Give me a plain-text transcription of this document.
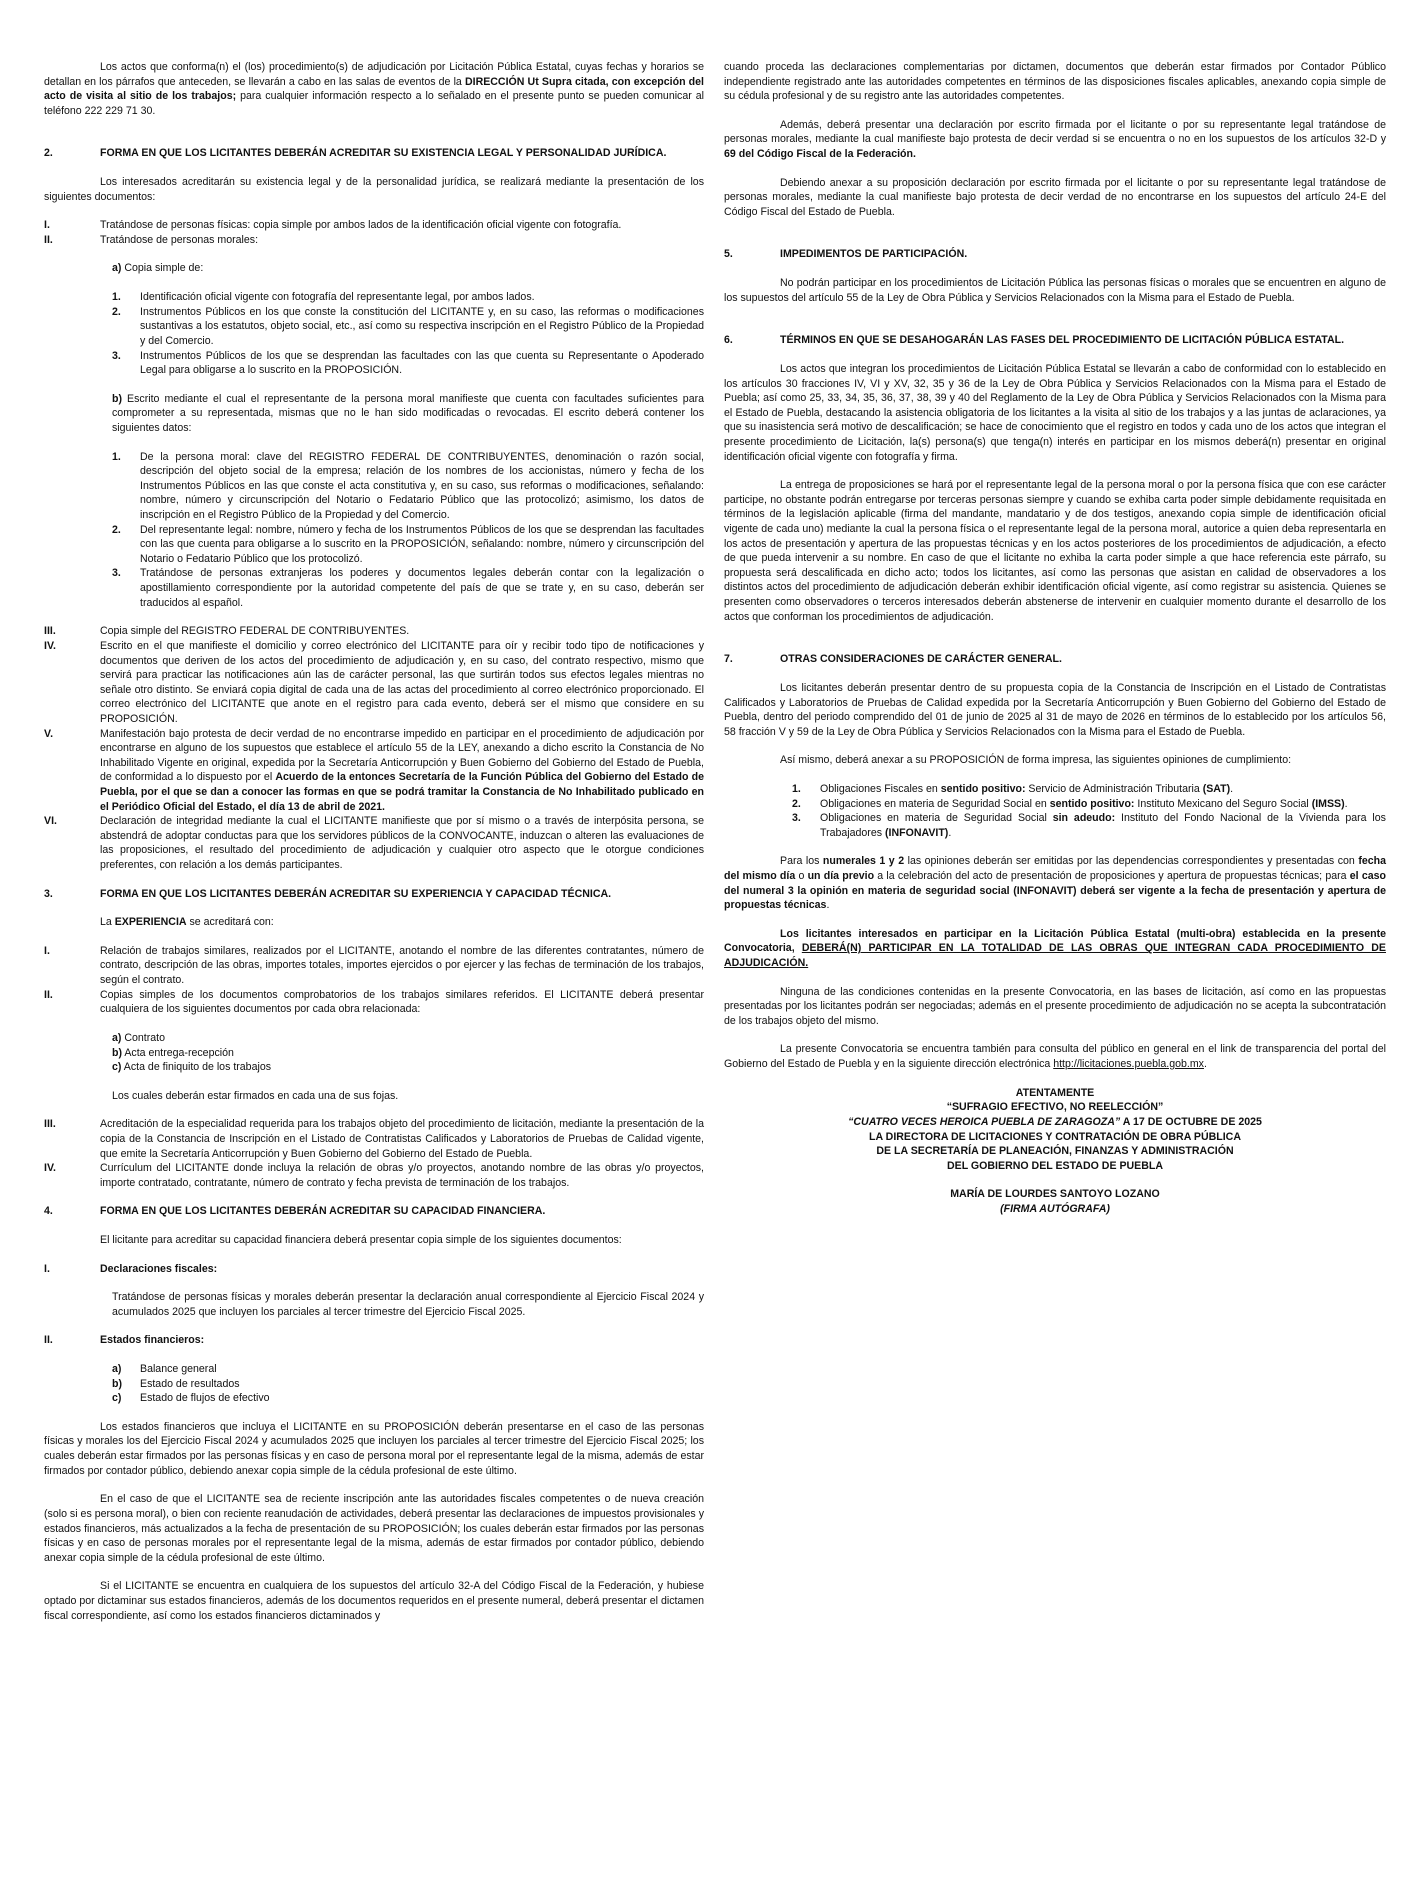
Los actos que conforma(n) el (los) procedimiento(s) de adjudicación por Licitación Pública Estatal, cuyas fechas y horarios se detallan en los párrafos que anteceden, se llevarán a cabo en las salas de eventos de la DIRECCIÓN Ut Supra citada, con excepción del acto de visita al sitio de los trabajos; para cualquier información respecto a lo señalado en el presente punto se pueden comunicar al teléfono 222 229 71 30.

2.	FORMA EN QUE LOS LICITANTES DEBERÁN ACREDITAR SU EXISTENCIA LEGAL Y PERSONALIDAD JURÍDICA.

Los interesados acreditarán su existencia legal y de la personalidad jurídica, se realizará mediante la presentación de los siguientes documentos:

I.	Tratándose de personas físicas: copia simple por ambos lados de la identificación oficial vigente con fotografía.
II.	Tratándose de personas morales:

a) Copia simple de:

1. Identificación oficial vigente con fotografía del representante legal, por ambos lados.
2. Instrumentos Públicos en los que conste la constitución del LICITANTE y, en su caso, las reformas o modificaciones sustantivas a los estatutos, objeto social, etc., así como su respectiva inscripción en el Registro Público de la Propiedad y del Comercio.
3. Instrumentos Públicos de los que se desprendan las facultades con las que cuenta su Representante o Apoderado Legal para obligarse a lo suscrito en la PROPOSICIÓN.

b) Escrito mediante el cual el representante de la persona moral manifieste que cuenta con facultades suficientes para comprometer a su representada, mismas que no le han sido modificadas o revocadas. El escrito deberá contener los siguientes datos:

1. De la persona moral: clave del REGISTRO FEDERAL DE CONTRIBUYENTES, denominación o razón social, descripción del objeto social de la empresa; relación de los nombres de los accionistas, número y fecha de los Instrumentos Públicos en las que conste el acta constitutiva y, en su caso, sus reformas o modificaciones, señalando: nombre, número y circunscripción del Notario o Fedatario Público que las protocolizó; asimismo, los datos de inscripción en el Registro Público de la Propiedad y del Comercio.
2. Del representante legal: nombre, número y fecha de los Instrumentos Públicos de los que se desprendan las facultades con las que cuenta para obligarse a lo suscrito en la PROPOSICIÓN, señalando: nombre, número y circunscripción del Notario o Fedatario Público que los protocolizó.
3. Tratándose de personas extranjeras los poderes y documentos legales deberán contar con la legalización o apostillamiento correspondiente por la autoridad competente del país de que se trate y, en su caso, deberán ser traducidos al español.
III.	Copia simple del REGISTRO FEDERAL DE CONTRIBUYENTES.
IV.	Escrito en el que manifieste el domicilio y correo electrónico del LICITANTE para oír y recibir todo tipo de notificaciones y documentos que deriven de los actos del procedimiento de adjudicación y, en su caso, del contrato respectivo, mismo que servirá para practicar las notificaciones aún las de carácter personal, las que surtirán todos sus efectos legales mientras no señale otro distinto. Se enviará copia digital de cada una de las actas del procedimiento al correo electrónico proporcionado. El correo electrónico del LICITANTE que anote en el registro para cada evento, deberá ser el mismo que considere en su PROPOSICIÓN.
V.	Manifestación bajo protesta de decir verdad de no encontrarse impedido en participar en el procedimiento de adjudicación por encontrarse en alguno de los supuestos que establece el artículo 55 de la LEY, anexando a dicho escrito la Constancia de No Inhabilitado Vigente en original, expedida por la Secretaría Anticorrupción y Buen Gobierno del Gobierno del Estado de Puebla, de conformidad a lo dispuesto por el Acuerdo de la entonces Secretaría de la Función Pública del Gobierno del Estado de Puebla, por el que se dan a conocer las formas en que se podrá tramitar la Constancia de No Inhabilitado publicado en el Periódico Oficial del Estado, el día 13 de abril de 2021.
VI.	Declaración de integridad mediante la cual el LICITANTE manifieste que por sí mismo o a través de interpósita persona, se abstendrá de adoptar conductas para que los servidores públicos de la CONVOCANTE, induzcan o alteren las evaluaciones de las proposiciones, el resultado del procedimiento de adjudicación y cualquier otro aspecto que le otorgue condiciones preferentes, con relación a los demás participantes.
3.	FORMA EN QUE LOS LICITANTES DEBERÁN ACREDITAR SU EXPERIENCIA Y CAPACIDAD TÉCNICA.

La EXPERIENCIA se acreditará con:

I.	Relación de trabajos similares, realizados por el LICITANTE, anotando el nombre de las diferentes contratantes, número de contrato, descripción de las obras, importes totales, importes ejercidos o por ejercer y las fechas de terminación de los trabajos, según el contrato.
II.	Copias simples de los documentos comprobatorios de los trabajos similares referidos. El LICITANTE deberá presentar cualquiera de los siguientes documentos por cada obra relacionada:
a) Contrato
b) Acta entrega-recepción
c) Acta de finiquito de los trabajos

Los cuales deberán estar firmados en cada una de sus fojas.

III.	Acreditación de la especialidad requerida para los trabajos objeto del procedimiento de licitación, mediante la presentación de la copia de la Constancia de Inscripción en el Listado de Contratistas Calificados y Laboratorios de Pruebas de Calidad vigente, que emite la Secretaría Anticorrupción y Buen Gobierno del Gobierno del Estado de Puebla.
IV.	Currículum del LICITANTE donde incluya la relación de obras y/o proyectos, anotando nombre de las obras y/o proyectos, importe contratado, contratante, número de contrato y fecha prevista de terminación de los trabajos.
4.	FORMA EN QUE LOS LICITANTES DEBERÁN ACREDITAR SU CAPACIDAD FINANCIERA.

El licitante para acreditar su capacidad financiera deberá presentar copia simple de los siguientes documentos:

I.	Declaraciones fiscales:

Tratándose de personas físicas y morales deberán presentar la declaración anual correspondiente al Ejercicio Fiscal 2024 y acumulados 2025 que incluyen los parciales al tercer trimestre del Ejercicio Fiscal 2025.

II.	Estados financieros:
a) Balance general
b) Estado de resultados
c) Estado de flujos de efectivo

Los estados financieros que incluya el LICITANTE en su PROPOSICIÓN deberán presentarse en el caso de las personas físicas y morales los del Ejercicio Fiscal 2024 y acumulados 2025 que incluyen los parciales al tercer trimestre del Ejercicio Fiscal 2025; los cuales deberán estar firmados por las personas físicas y en caso de persona moral por el representante legal de la misma, además de estar firmados por contador público, debiendo anexar copia simple de la cédula profesional de este último.

En el caso de que el LICITANTE sea de reciente inscripción ante las autoridades fiscales competentes o de nueva creación (solo si es persona moral), o bien con reciente reanudación de actividades, deberá presentar las declaraciones de impuestos provisionales y estados financieros, más actualizados a la fecha de presentación de su PROPOSICIÓN; los cuales deberán estar firmados por las personas físicas y en caso de personas morales por el representante legal de la misma, además de estar firmados por contador público, debiendo anexar copia simple de la cédula profesional de este último.

Si el LICITANTE se encuentra en cualquiera de los supuestos del artículo 32-A del Código Fiscal de la Federación, y hubiese optado por dictaminar sus estados financieros, además de los documentos requeridos en el presente numeral, deberá presentar el dictamen fiscal correspondiente, así como los estados financieros dictaminados y

cuando proceda las declaraciones complementarias por dictamen, documentos que deberán estar firmados por Contador Público independiente registrado ante las autoridades competentes en términos de las disposiciones fiscales aplicables, anexando copia simple de su cédula profesional y de su registro ante las autoridades competentes.

Además, deberá presentar una declaración por escrito firmada por el licitante o por su representante legal tratándose de personas morales, mediante la cual manifieste bajo protesta de decir verdad si se encuentra o no en los supuestos de los artículos 32-D y 69 del Código Fiscal de la Federación.

Debiendo anexar a su proposición declaración por escrito firmada por el licitante o por su representante legal tratándose de personas morales, mediante la cual manifieste bajo protesta de decir verdad de no encontrarse en los supuestos del artículo 24-E del Código Fiscal del Estado de Puebla.

5.	IMPEDIMENTOS DE PARTICIPACIÓN.

No podrán participar en los procedimientos de Licitación Pública las personas físicas o morales que se encuentren en alguno de los supuestos del artículo 55 de la Ley de Obra Pública y Servicios Relacionados con la Misma para el Estado de Puebla.

6.	TÉRMINOS EN QUE SE DESAHOGARÁN LAS FASES DEL PROCEDIMIENTO DE LICITACIÓN PÚBLICA ESTATAL.

Los actos que integran los procedimientos de Licitación Pública Estatal se llevarán a cabo de conformidad con lo establecido en los artículos 30 fracciones IV, VI y XV, 32, 35 y 36 de la Ley de Obra Pública y Servicios Relacionados con la Misma para el Estado de Puebla; así como 25, 33, 34, 35, 36, 37, 38, 39 y 40 del Reglamento de la Ley de Obra Pública y Servicios Relacionados con la Misma para el Estado de Puebla, destacando la asistencia obligatoria de los licitantes a la visita al sitio de los trabajos y a las juntas de aclaraciones, ya que su inasistencia será motivo de descalificación; se hace de conocimiento que el registro en todos y cada uno de los actos que integran el presente procedimiento de Licitación, la(s) persona(s) que tenga(n) interés en participar en los mismos deberá(n) presentar en original identificación oficial vigente con fotografía y firma.

La entrega de proposiciones se hará por el representante legal de la persona moral o por la persona física que con ese carácter participe, no obstante podrán entregarse por terceras personas siempre y cuando se exhiba carta poder simple debidamente requisitada en términos de la legislación aplicable (firma del mandante, mandatario y de dos testigos, anexando copia simple de identificación oficial vigente de cada uno) mediante la cual la persona física o el representante legal de la persona moral, autorice a quien deba representarla en los actos de presentación y apertura de las propuestas técnicas y en los actos posteriores de los procedimientos de adjudicación, a efecto de que pueda intervenir a su nombre. En caso de que el licitante no exhiba la carta poder simple a que hace referencia este párrafo, su propuesta será descalificada en dicho acto; todos los licitantes, así como las personas que asistan en calidad de observadores a los distintos actos del procedimiento de adjudicación deberán exhibir identificación oficial vigente, así como registrar su asistencia. Quienes se presenten como observadores o terceros interesados deberán abstenerse de intervenir en cualquier momento durante el desarrollo de los actos que conforman los procedimientos de adjudicación.

7.	OTRAS CONSIDERACIONES DE CARÁCTER GENERAL.

Los licitantes deberán presentar dentro de su propuesta copia de la Constancia de Inscripción en el Listado de Contratistas Calificados y Laboratorios de Pruebas de Calidad expedida por la Secretaría Anticorrupción y Buen Gobierno del Gobierno del Estado de Puebla, dentro del periodo comprendido del 01 de junio de 2025 al 31 de mayo de 2026 en términos de lo establecido por los artículos 56, 58 fracción V y 59 de la Ley de Obra Pública y Servicios Relacionados con la Misma para el Estado de Puebla.

Así mismo, deberá anexar a su PROPOSICIÓN de forma impresa, las siguientes opiniones de cumplimiento:

1. Obligaciones Fiscales en sentido positivo: Servicio de Administración Tributaria (SAT).
2. Obligaciones en materia de Seguridad Social en sentido positivo: Instituto Mexicano del Seguro Social (IMSS).
3. Obligaciones en materia de Seguridad Social sin adeudo: Instituto del Fondo Nacional de la Vivienda para los Trabajadores (INFONAVIT).

Para los numerales 1 y 2 las opiniones deberán ser emitidas por las dependencias correspondientes y presentadas con fecha del mismo día o un día previo a la celebración del acto de presentación de proposiciones y apertura de propuestas técnicas; para el caso del numeral 3 la opinión en materia de seguridad social (INFONAVIT) deberá ser vigente a la fecha de presentación y apertura de propuestas técnicas.

Los licitantes interesados en participar en la Licitación Pública Estatal (multi-obra) establecida en la presente Convocatoria, DEBERÁ(N) PARTICIPAR EN LA TOTALIDAD DE LAS OBRAS QUE INTEGRAN CADA PROCEDIMIENTO DE ADJUDICACIÓN.

Ninguna de las condiciones contenidas en la presente Convocatoria, en las bases de licitación, así como en las propuestas presentadas por los licitantes podrán ser negociadas; además en el presente procedimiento de adjudicación no se acepta la subcontratación de los trabajos objeto del mismo.

La presente Convocatoria se encuentra también para consulta del público en general en el link de transparencia del portal del Gobierno del Estado de Puebla y en la siguiente dirección electrónica http://licitaciones.puebla.gob.mx.

ATENTAMENTE
“SUFRAGIO EFECTIVO, NO REELECCIÓN”
“CUATRO VECES HEROICA PUEBLA DE ZARAGOZA” A 17 DE OCTUBRE DE 2025
LA DIRECTORA DE LICITACIONES Y CONTRATACIÓN DE OBRA PÚBLICA
DE LA SECRETARÍA DE PLANEACIÓN, FINANZAS Y ADMINISTRACIÓN
DEL GOBIERNO DEL ESTADO DE PUEBLA
MARÍA DE LOURDES SANTOYO LOZANO
(FIRMA AUTÓGRAFA)
